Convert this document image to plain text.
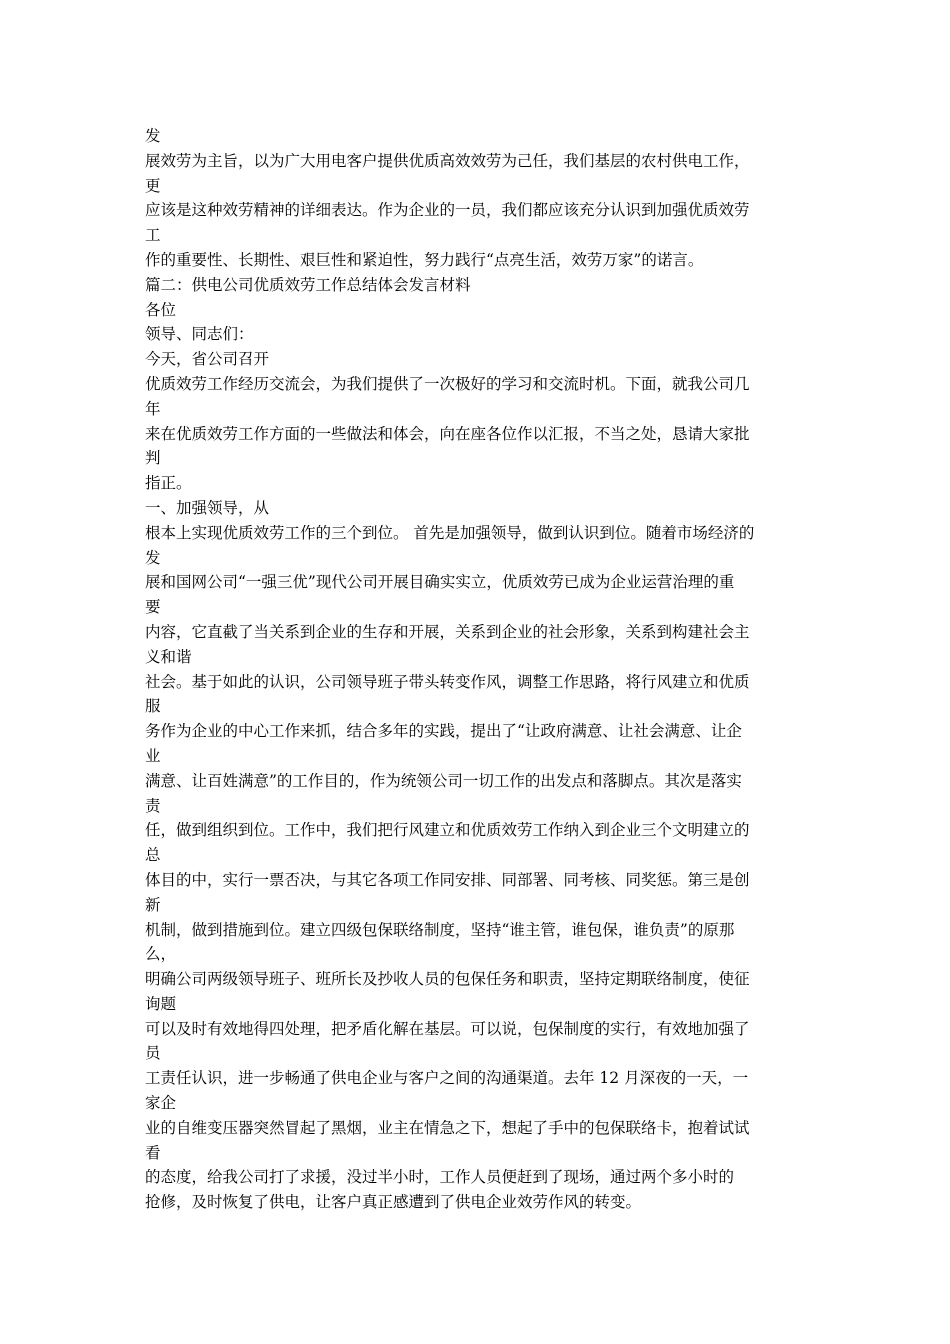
发
展效劳为主旨，以为广大用电客户提供优质高效效劳为己任，我们基层的农村供电工作，
更
应该是这种效劳精神的详细表达。作为企业的一员，我们都应该充分认识到加强优质效劳
工
作的重要性、长期性、艰巨性和紧迫性，努力践行“点亮生活，效劳万家”的诺言。
篇二：供电公司优质效劳工作总结体会发言材料
各位
领导、同志们：
今天，省公司召开
优质效劳工作经历交流会，为我们提供了一次极好的学习和交流时机。下面，就我公司几
年
来在优质效劳工作方面的一些做法和体会，向在座各位作以汇报，不当之处，恳请大家批
判
指正。
一、加强领导，从
根本上实现优质效劳工作的三个到位。 首先是加强领导，做到认识到位。随着市场经济的
发
展和国网公司“一强三优”现代公司开展目确实实立，优质效劳已成为企业运营治理的重
要
内容，它直截了当关系到企业的生存和开展，关系到企业的社会形象，关系到构建社会主
义和谐
社会。基于如此的认识，公司领导班子带头转变作风，调整工作思路，将行风建立和优质
服
务作为企业的中心工作来抓，结合多年的实践，提出了“让政府满意、让社会满意、让企
业
满意、让百姓满意”的工作目的，作为统领公司一切工作的出发点和落脚点。其次是落实
责
任，做到组织到位。工作中，我们把行风建立和优质效劳工作纳入到企业三个文明建立的
总
体目的中，实行一票否决，与其它各项工作同安排、同部署、同考核、同奖惩。第三是创
新
机制，做到措施到位。建立四级包保联络制度，坚持“谁主管，谁包保，谁负责”的原那
么，
明确公司两级领导班子、班所长及抄收人员的包保任务和职责，坚持定期联络制度，使征
询题
可以及时有效地得四处理，把矛盾化解在基层。可以说，包保制度的实行，有效地加强了
员
工责任认识，进一步畅通了供电企业与客户之间的沟通渠道。去年 12 月深夜的一天，一
家企
业的自维变压器突然冒起了黑烟，业主在情急之下，想起了手中的包保联络卡，抱着试试
看
的态度，给我公司打了求援，没过半小时，工作人员便赶到了现场，通过两个多小时的
抢修，及时恢复了供电，让客户真正感遭到了供电企业效劳作风的转变。
